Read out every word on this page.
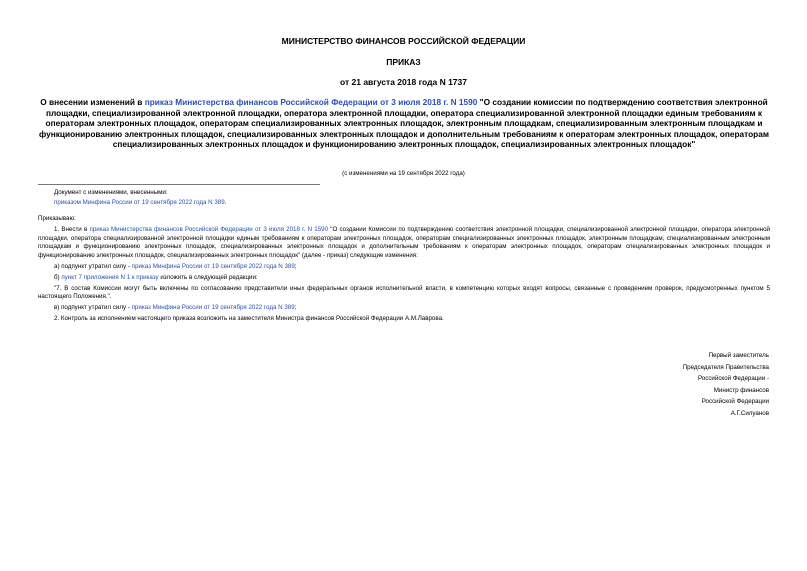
МИНИСТЕРСТВО ФИНАНСОВ РОССИЙСКОЙ ФЕДЕРАЦИИ
ПРИКАЗ
от 21 августа 2018 года N 1737
О внесении изменений в приказ Министерства финансов Российской Федерации от 3 июля 2018 г. N 1590 "О создании комиссии по подтверждению соответствия электронной площадки, специализированной электронной площадки, оператора электронной площадки, оператора специализированной электронной площадки единым требованиям к операторам электронных площадок, операторам специализированных электронных площадок, электронным площадкам, специализированным электронным площадкам и функционированию электронных площадок, специализированных электронных площадок и дополнительным требованиям к операторам электронных площадок, операторам специализированных электронных площадок и функционированию электронных площадок, специализированных электронных площадок"
(с изменениями на 19 сентября 2022 года)
Документ с изменениями, внесенными:
приказом Минфина России от 19 сентября 2022 года N 389.

Приказываю:

1. Внести в приказ Министерства финансов Российской Федерации от 3 июля 2018 г. N 1590 "О создании Комиссии по подтверждению соответствия электронной площадки, специализированной электронной площадки, оператора электронной площадки, оператора специализированной электронной площадки единым требованиям к операторам электронных площадок, операторам специализированных электронных площадок, электронным площадкам, специализированным электронным площадкам и функционированию электронных площадок, специализированных электронных площадок и дополнительным требованиям к операторам электронных площадок, операторам специализированных электронных площадок и функционированию электронных площадок, специализированных электронных площадок" (далее - приказ) следующие изменения:

а) подпункт утратил силу - приказ Минфина России от 19 сентября 2022 года N 389;

б) пункт 7 приложения N 1 к приказу изложить в следующей редакции:

"7. В состав Комиссии могут быть включены по согласованию представители иных федеральных органов исполнительной власти, в компетенцию которых входят вопросы, связанные с проведением проверок, предусмотренных пунктом 5 настоящего Положения.".

в) подпункт утратил силу - приказ Минфина России от 19 сентября 2022 года N 389;

2. Контроль за исполнением настоящего приказа возложить на заместителя Министра финансов Российской Федерации А.М.Лаврова.

Первый заместитель
Председателя Правительства
Российской Федерации -
Министр финансов
Российской Федерации
А.Г.Силуанов
